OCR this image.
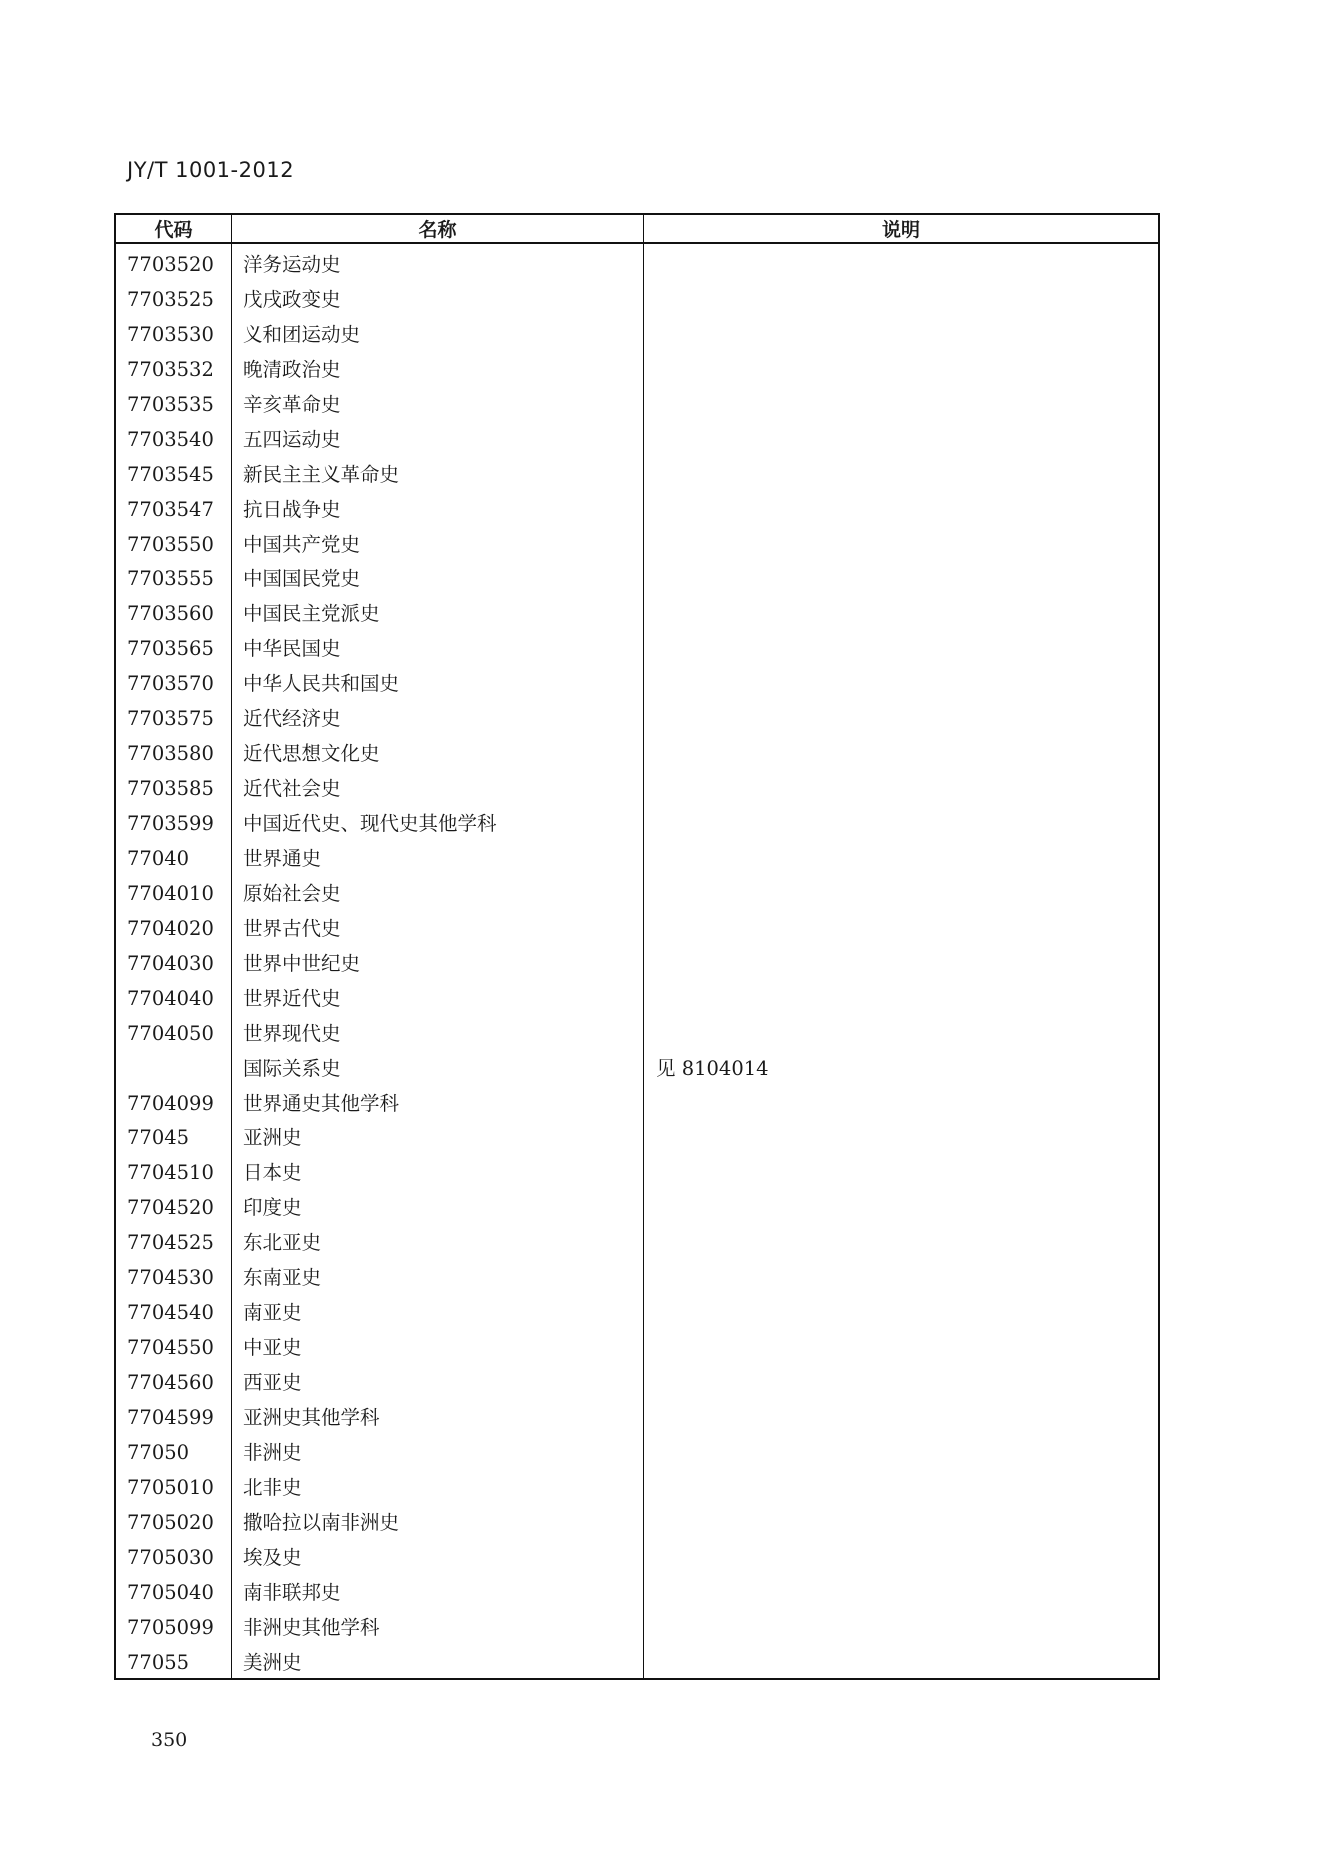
JY/T 1001-2012
代码	名称	说明
7703520
7703525
7703530
7703532
7703535
7703540
7703545
7703547
7703550
7703555
7703560
7703565
7703570
7703575
7703580
7703585
7703599
77040
7704010
7704020
7704030
7704040
7704050
7704099
77045
7704510
7704520
7704525
7704530
7704540
7704550
7704560
7704599
77050
7705010
7705020
7705030
7705040
7705099
77055
洋务运动史
戊戌政变史
义和团运动史
晚清政治史
辛亥革命史
五四运动史
新民主主义革命史
抗日战争史
中国共产党史
中国国民党史
中国民主党派史
中华民国史
中华人民共和国史
近代经济史
近代思想文化史
近代社会史
中国近代史、现代史其他学科
世界通史
原始社会史
世界古代史
世界中世纪史
世界近代史
世界现代史
国际关系史
世界通史其他学科
亚洲史
日本史
印度史
东北亚史
东南亚史
南亚史
中亚史
西亚史
亚洲史其他学科
非洲史
北非史
撒哈拉以南非洲史
埃及史
南非联邦史
非洲史其他学科
美洲史
见 8104014
350
